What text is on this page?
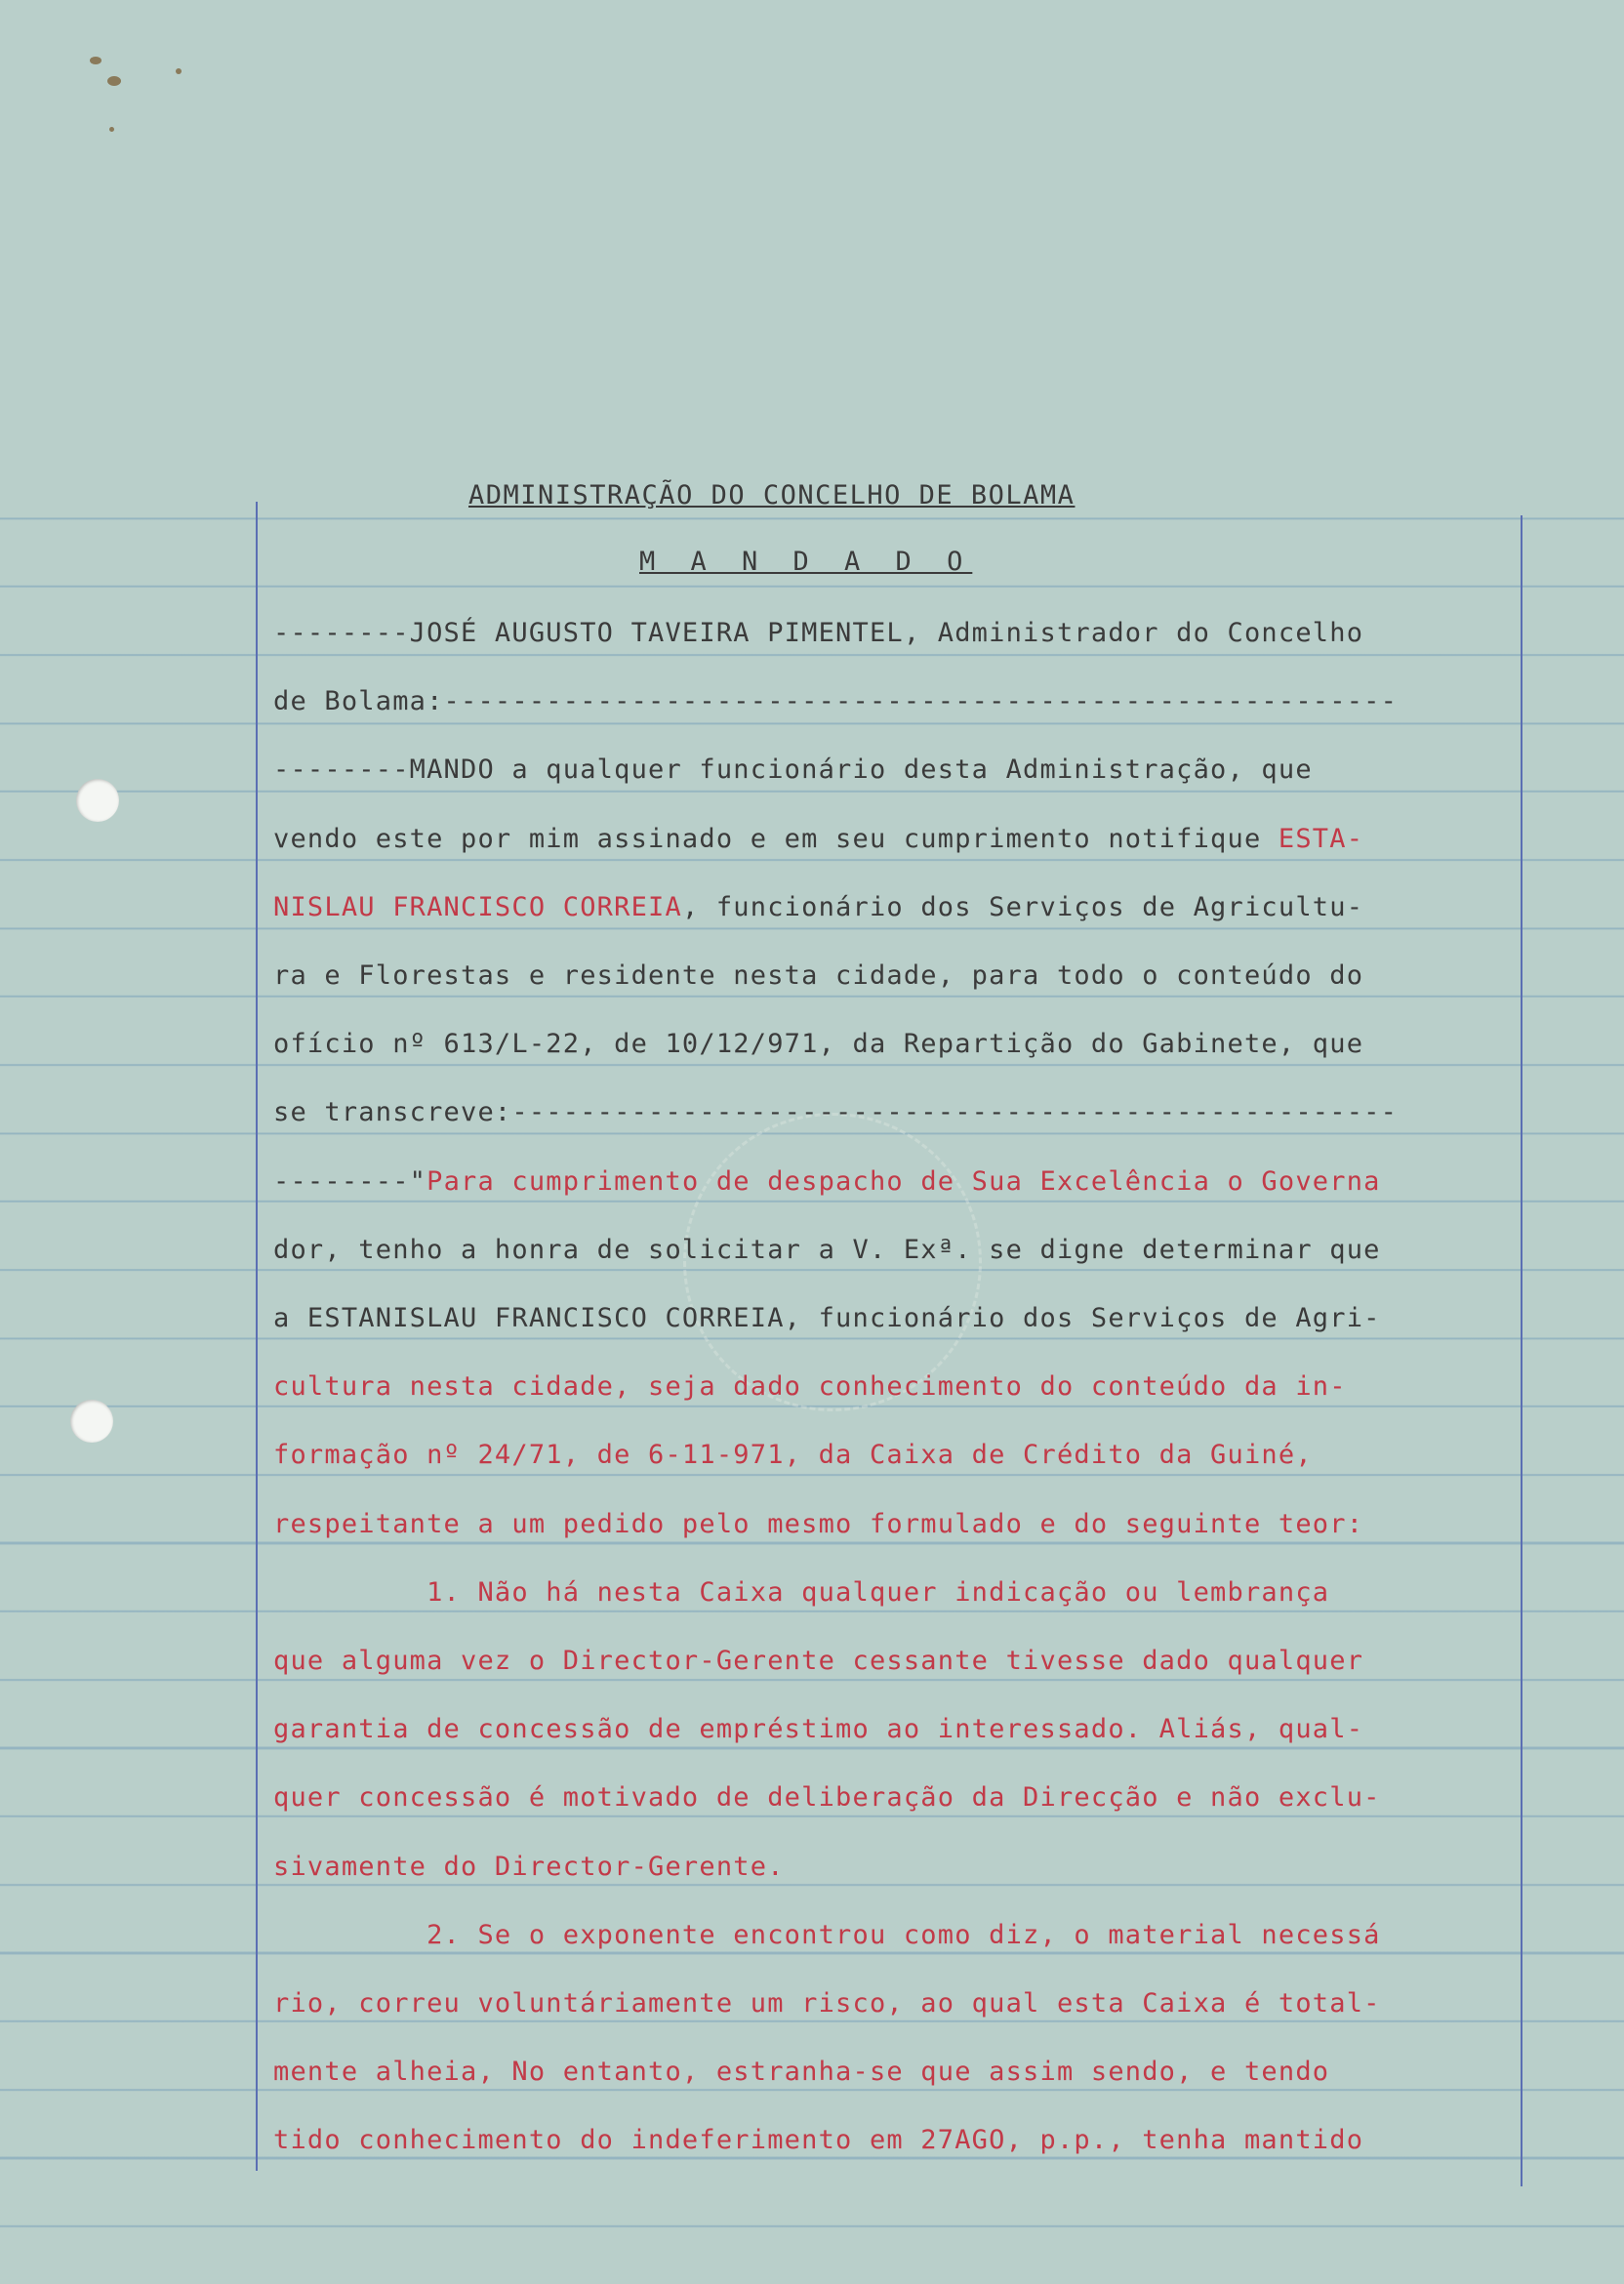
ADMINISTRAÇÃO DO CONCELHO DE BOLAMA
M A N D A D O
--------JOSÉ AUGUSTO TAVEIRA PIMENTEL, Administrador do Concelho
de Bolama:--------------------------------------------------------
--------MANDO a qualquer funcionário desta Administração, que
vendo este por mim assinado e em seu cumprimento notifique ESTA-
NISLAU FRANCISCO CORREIA, funcionário dos Serviços de Agricultu-
ra e Florestas e residente nesta cidade, para todo o conteúdo do
ofício nº 613/L-22, de 10/12/971, da Repartição do Gabinete, que
se transcreve:----------------------------------------------------
--------"Para cumprimento de despacho de Sua Excelência o Governa
dor, tenho a honra de solicitar a V. Exª. se digne determinar que
a ESTANISLAU FRANCISCO CORREIA, funcionário dos Serviços de Agri-
cultura nesta cidade, seja dado conhecimento do conteúdo da in-
formação nº 24/71, de 6-11-971, da Caixa de Crédito da Guiné,
respeitante a um pedido pelo mesmo formulado e do seguinte teor:
1. Não há nesta Caixa qualquer indicação ou lembrança
que alguma vez o Director-Gerente cessante tivesse dado qualquer
garantia de concessão de empréstimo ao interessado. Aliás, qual-
quer concessão é motivado de deliberação da Direcção e não exclu-
sivamente do Director-Gerente.
2. Se o exponente encontrou como diz, o material necessá
rio, correu voluntáriamente um risco, ao qual esta Caixa é total-
mente alheia, No entanto, estranha-se que assim sendo, e tendo
tido conhecimento do indeferimento em 27AGO, p.p., tenha mantido
